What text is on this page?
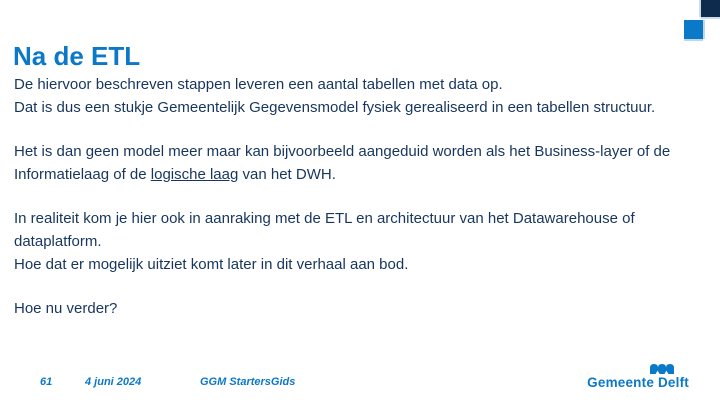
Na de ETL
De hiervoor beschreven stappen leveren een aantal tabellen met data op.
Dat is dus een stukje Gemeentelijk Gegevensmodel fysiek gerealiseerd in een tabellen structuur.
Het is dan geen model meer maar kan bijvoorbeeld aangeduid worden als het Business-layer of de
Informatielaag of de logische laag van het DWH.
In realiteit kom je hier ook in aanraking met de ETL en architectuur van het Datawarehouse of
dataplatform.
Hoe dat er mogelijk uitziet komt later in dit verhaal aan bod.
Hoe nu verder?
61	4 juni 2024	GGM StartersGids	Gemeente Delft
